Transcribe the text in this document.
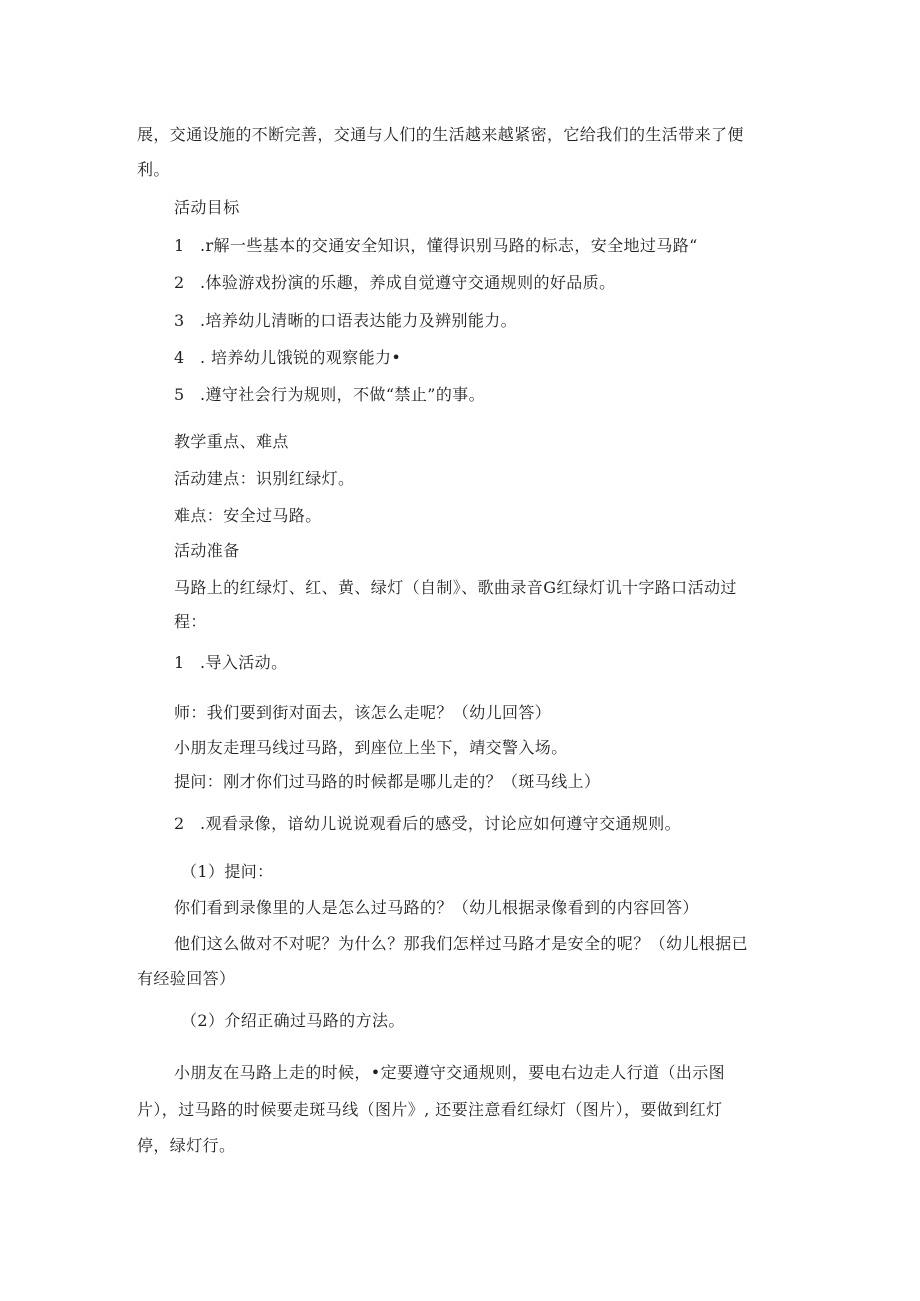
展，交通设施的不断完善，交通与人们的生活越来越紧密，它给我们的生活带来了便
利。
活动目标
1 .r解一些基本的交通安全知识，懂得识别马路的标志，安全地过马路“
2 .体验游戏扮演的乐趣，养成自觉遵守交通规则的好品质。
3 .培养幼儿清晰的口语表达能力及辨别能力。
4 . 培养幼儿饿锐的观察能力•
5 .遵守社会行为规则，不做“禁止”的事。
教学重点、难点
活动建点：识别红绿灯。
难点：安全过马路。
活动准备
马路上的红绿灯、红、黄、绿灯（自制》、歌曲录音G红绿灯讥十字路口活动过
程：
1 .导入活动。
师：我们要到街对面去，该怎么走呢？（幼儿回答）
小朋友走理马线过马路，到座位上坐下，靖交警入场。
提问：刚才你们过马路的时候都是哪儿走的？（斑马线上）
2 .观看录像，谙幼儿说说观看后的感受，讨论应如何遵守交通规则。
（1）提问：
你们看到录像里的人是怎么过马路的？（幼儿根据录像看到的内容回答）
他们这么做对不对呢？为什么？那我们怎样过马路才是安全的呢？（幼儿根据已
有经验回答）
（2）介绍正确过马路的方法。
小朋友在马路上走的时候，•定要遵守交通规则，要电右边走人行道（出示图
片），过马路的时候要走斑马线（图片》, 还要注意看红绿灯（图片），要做到红灯
停，绿灯行。
